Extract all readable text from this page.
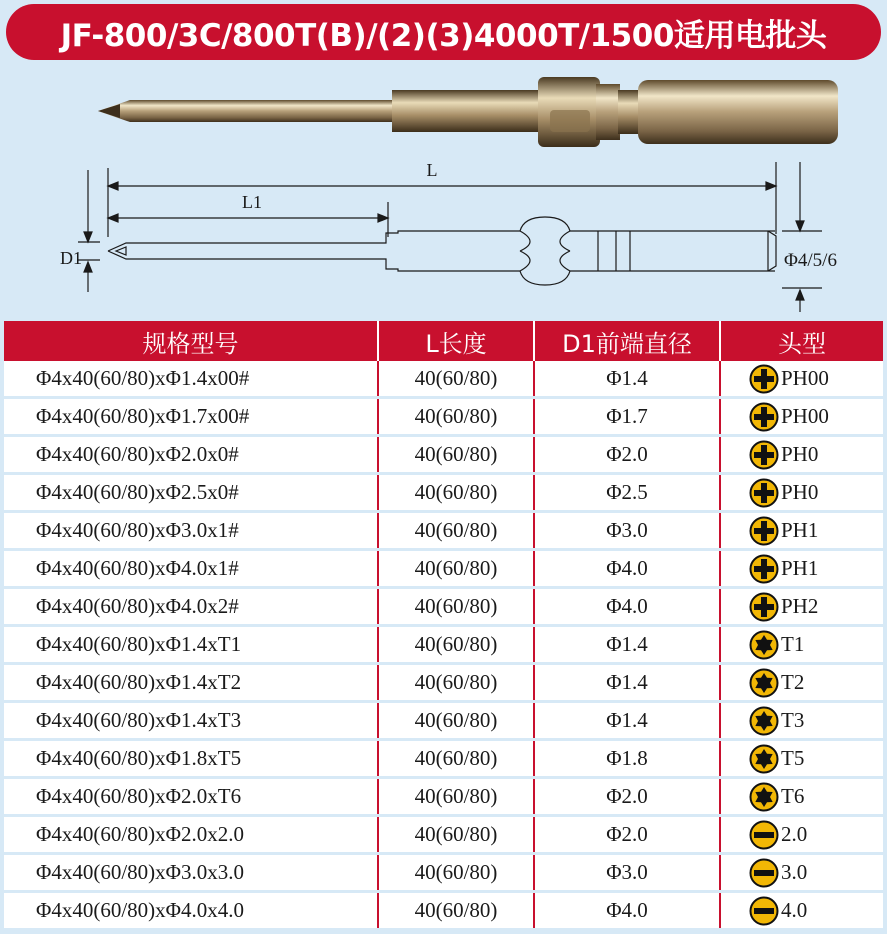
JF-800/3C/800T(B)/(2)(3)4000T/1500适用电批头
L
L1
D1	Φ4/5/6
规格型号	L长度	D1前端直径	头型
Φ4x40(60/80)xΦ1.4x00#	40(60/80)	Φ1.4	PH00

Φ4x40(60/80)xΦ1.7x00#	40(60/80)	Φ1.7	PH00

Φ4x40(60/80)xΦ2.0x0#	40(60/80)	Φ2.0	PH0

Φ4x40(60/80)xΦ2.5x0#	40(60/80)	Φ2.5	PH0

Φ4x40(60/80)xΦ3.0x1#	40(60/80)	Φ3.0	PH1

Φ4x40(60/80)xΦ4.0x1#	40(60/80)	Φ4.0	PH1

Φ4x40(60/80)xΦ4.0x2#	40(60/80)	Φ4.0	PH2

Φ4x40(60/80)xΦ1.4xT1	40(60/80)	Φ1.4	T1

Φ4x40(60/80)xΦ1.4xT2	40(60/80)	Φ1.4	T2

Φ4x40(60/80)xΦ1.4xT3	40(60/80)	Φ1.4	T3

Φ4x40(60/80)xΦ1.8xT5	40(60/80)	Φ1.8	T5

Φ4x40(60/80)xΦ2.0xT6	40(60/80)	Φ2.0	T6

Φ4x40(60/80)xΦ2.0x2.0	40(60/80)	Φ2.0	2.0

Φ4x40(60/80)xΦ3.0x3.0	40(60/80)	Φ3.0	3.0

Φ4x40(60/80)xΦ4.0x4.0	40(60/80)	Φ4.0	4.0
